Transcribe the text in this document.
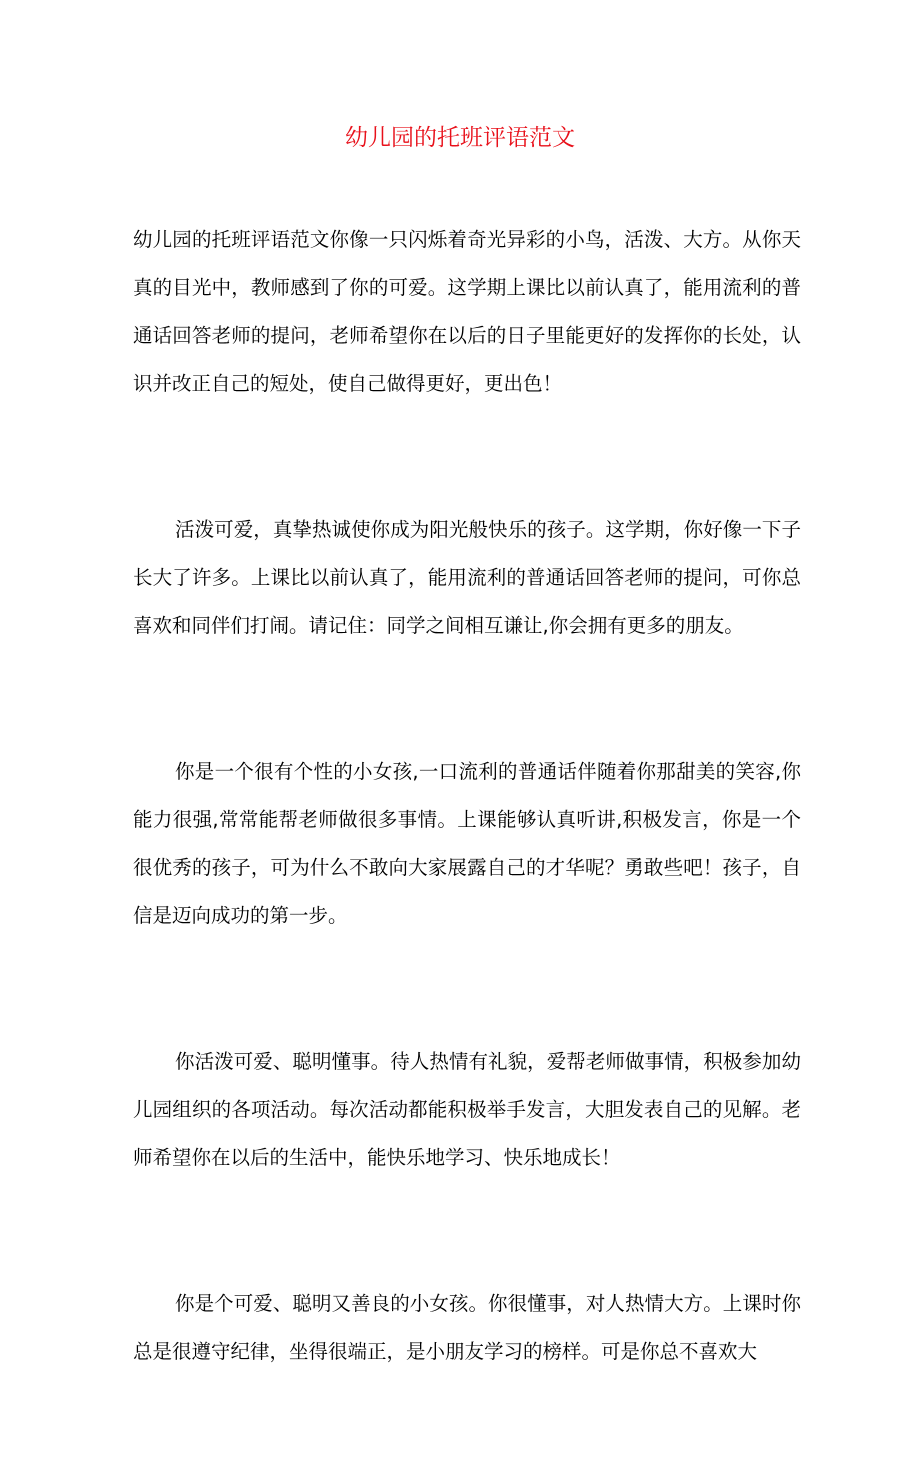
幼儿园的托班评语范文

幼儿园的托班评语范文你像一只闪烁着奇光异彩的小鸟，活泼、大方。从你天真的目光中，教师感到了你的可爱。这学期上课比以前认真了，能用流利的普通话回答老师的提问，老师希望你在以后的日子里能更好的发挥你的长处，认识并改正自己的短处，使自己做得更好，更出色！

活泼可爱，真挚热诚使你成为阳光般快乐的孩子。这学期，你好像一下子长大了许多。上课比以前认真了，能用流利的普通话回答老师的提问，可你总喜欢和同伴们打闹。请记住：同学之间相互谦让,你会拥有更多的朋友。

你是一个很有个性的小女孩,一口流利的普通话伴随着你那甜美的笑容,你能力很强,常常能帮老师做很多事情。上课能够认真听讲,积极发言，你是一个很优秀的孩子，可为什么不敢向大家展露自己的才华呢？勇敢些吧！孩子，自信是迈向成功的第一步。

你活泼可爱、聪明懂事。待人热情有礼貌，爱帮老师做事情，积极参加幼儿园组织的各项活动。每次活动都能积极举手发言，大胆发表自己的见解。老师希望你在以后的生活中，能快乐地学习、快乐地成长！

你是个可爱、聪明又善良的小女孩。你很懂事，对人热情大方。上课时你总是很遵守纪律，坐得很端正，是小朋友学习的榜样。可是你总不喜欢大
